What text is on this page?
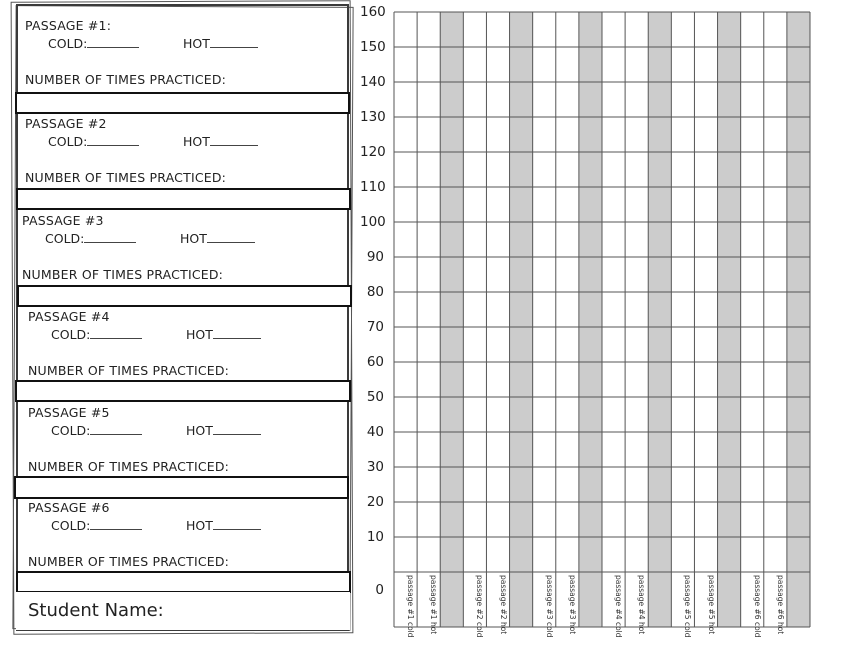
PASSAGE #1:
COLD:	HOT
NUMBER OF TIMES PRACTICED:
PASSAGE #2
COLD:	HOT
NUMBER OF TIMES PRACTICED:
PASSAGE #3
COLD:	HOT
NUMBER OF TIMES PRACTICED:
PASSAGE #4
COLD:	HOT
NUMBER OF TIMES PRACTICED:
PASSAGE #5
COLD:	HOT
NUMBER OF TIMES PRACTICED:
PASSAGE #6
COLD:	HOT
NUMBER OF TIMES PRACTICED:
Student Name:
160
150
140
130
120
110
100
90
80
70
60
50
40
30
20
10
0	passage #1 cold passage #1 hot	passage #2 cold passage #2 hot	passage #3 cold passage #3 hot	passage #4 cold passage #4 hot	passage #5 cold passage #5 hot	passage #6 cold passage #6 hot
